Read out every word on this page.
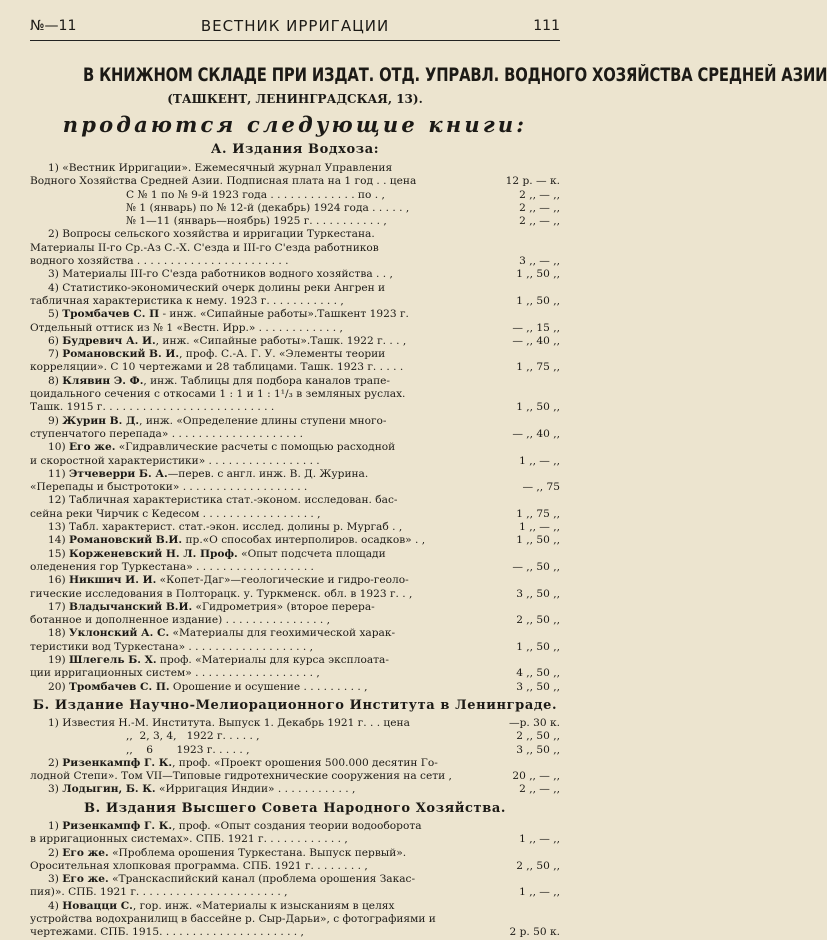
№—11	ВЕСТНИК ИРРИГАЦИИ	111
В КНИЖНОМ СКЛАДЕ ПРИ ИЗДАТ. ОТД. УПРАВЛ. ВОДНОГО ХОЗЯЙСТВА СРЕДНЕЙ АЗИИ
(ТАШКЕНТ, ЛЕНИНГРАДСКАЯ, 13).
продаются следующие книги:
А. Издания Водхоза:
1) «Вестник Ирригации». Ежемесячный журнал Управления
Водного Хозяйства Средней Азии. Подписная плата на 1 год . . цена	12 р. — к.
С № 1 по № 9-й 1923 года . . . . . . . . . . . . . по . ,	2 ,, — ,,
№ 1 (январь) по № 12-й (декабрь) 1924 года . . . . . ,	2 ,, — ,,
№ 1—11 (январь—ноябрь) 1925 г. . . . . . . . . . . ,	2 ,, — ,,
2) Вопросы сельского хозяйства и ирригации Туркестана.
Материалы II-го Ср.-Аз С.-Х. С'езда и III-го С'езда работников
водного хозяйства . . . . . . . . . . . . . . . . . . . . . . .	3 ,, — ,,
3) Материалы III-го С'езда работников водного хозяйства . . ,	1 ,, 50 ,,
4) Статистико-экономический очерк долины реки Ангрен и
табличная характеристика к нему. 1923 г. . . . . . . . . . . ,	1 ,, 50 ,,
5) Тромбачев С. П - инж. «Сипайные работы».Ташкент 1923 г.
Отдельный оттиск из № 1 «Вестн. Ирр.» . . . . . . . . . . . . ,	— ,, 15 ,,
6) Будревич А. И., инж. «Сипайные работы».Ташк. 1922 г. . . ,	— ,, 40 ,,
7) Романовский В. И., проф. С.-А. Г. У. «Элементы теории
корреляции». С 10 чертежами и 28 таблицами. Ташк. 1923 г. . . . .	1 ,, 75 ,,
8) Клявин Э. Ф., инж. Таблицы для подбора каналов трапе-
цоидального сечения с откосами 1 : 1 и 1 : 1¹/₃ в земляных руслах.
Ташк. 1915 г. . . . . . . . . . . . . . . . . . . . . . . . . .	1 ,, 50 ,,
9) Журин В. Д., инж. «Определение длины ступени много-
ступенчатого перепада» . . . . . . . . . . . . . . . . . . . .	— ,, 40 ,,
10) Его же. «Гидравлические расчеты с помощью расходной
и скоростной характеристики» . . . . . . . . . . . . . . . . .	1 ,, — ,,
11) Этчеверри Б. А.—перев. с англ. инж. В. Д. Журина.
«Перепады и быстротоки» . . . . . . . . . . . . . . . . . . .	— ,, 75
12) Табличная характеристика стат.-эконом. исследован. бас-
сейна реки Чирчик с Кедесом . . . . . . . . . . . . . . . . . ,	1 ,, 75 ,,
13) Табл. характерист. стат.-экон. исслед. долины р. Мургаб . ,	1 ,, — ,,
14) Романовский В.И. пр.«О способах интерполиров. осадков» . ,	1 ,, 50 ,,
15) Корженевский Н. Л. Проф. «Опыт подсчета площади
оледенения гор Туркестана» . . . . . . . . . . . . . . . . . .	— ,, 50 ,,
16) Никшич И. И. «Копет-Даг»—геологические и гидро-геоло-
гические исследования в Полторацк. у. Туркменск. обл. в 1923 г. . ,	3 ,, 50 ,,
17) Владычанский В.И. «Гидрометрия» (второе перера-
ботанное и дополненное издание) . . . . . . . . . . . . . . . ,	2 ,, 50 ,,
18) Уклонский А. С. «Материалы для геохимической харак-
теристики вод Туркестана» . . . . . . . . . . . . . . . . . . ,	1 ,, 50 ,,
19) Шлегель Б. Х. проф. «Материалы для курса эксплоата-
ции ирригационных систем» . . . . . . . . . . . . . . . . . . ,	4 ,, 50 ,,
20) Тромбачев С. П. Орошение и осушение . . . . . . . . . ,	3 ,, 50 ,,
Б. Издание Научно-Мелиорационного Института в Ленинграде.
1) Известия Н.-М. Института. Выпуск 1. Декабрь 1921 г. . . цена	—р. 30 к.
,,  2, 3, 4,   1922 г. . . . . ,	2 ,, 50 ,,
,,    6       1923 г. . . . . ,	3 ,, 50 ,,
2) Ризенкампф Г. К., проф. «Проект орошения 500.000 десятин Го-
лодной Степи». Том VII—Типовые гидротехнические сооружения на сети ,	20 ,, — ,,
3) Лодыгин, Б. К. «Ирригация Индии» . . . . . . . . . . . ,	2 ,, — ,,
В. Издания Высшего Совета Народного Хозяйства.
1) Ризенкампф Г. К., проф. «Опыт создания теории водооборота
в ирригационных системах». СПБ. 1921 г. . . . . . . . . . . . ,	1 ,, — ,,
2) Его же. «Проблема орошения Туркестана. Выпуск первый».
Оросительная хлопковая программа. СПБ. 1921 г. . . . . . . . ,	2 ,, 50 ,,
3) Его же. «Транскаспийский канал (проблема орошения Закас-
пия)». СПБ. 1921 г. . . . . . . . . . . . . . . . . . . . . . ,	1 ,, — ,,
4) Новацци С., гор. инж. «Материалы к изысканиям в целях
устройства водохранилищ в бассейне р. Сыр-Дарьи», с фотографиями и
чертежами. СПБ. 1915. . . . . . . . . . . . . . . . . . . . . ,	2 р. 50 к.
